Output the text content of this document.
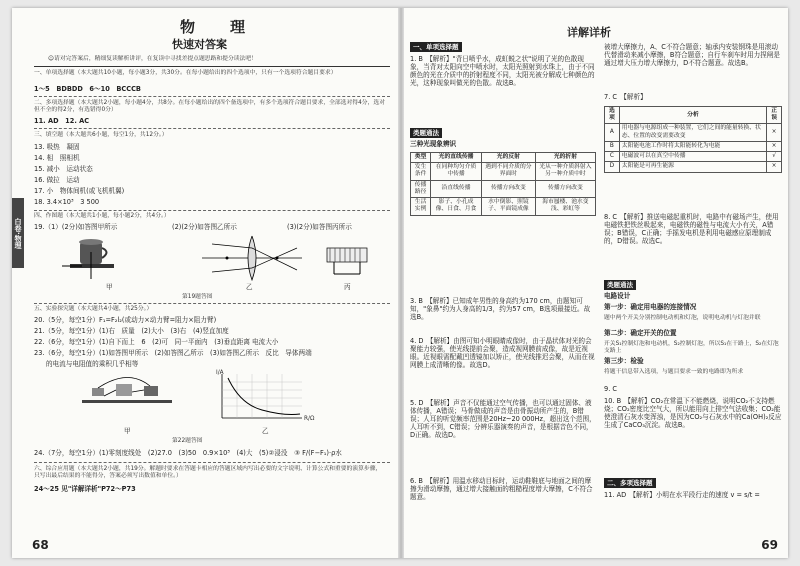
物　理
快速对答案
☺请对完答案后，精细复读解析讲评，在复读中寻找差提点题思路和提分读法吧！
一、单项选择题（本大题共10小题，每小题3分，共30分。在每小题给出的四个选项中，只有一个选项符合题目要求）
1～5　BDBDD　6～10　BCCCB
二、多项选择题（本大题共2小题，每小题4分，共8分。在每小题给出的四个备选项中，有多个选项符合题目要求，全部选对得4分，选对但不全的得2分，有选错得0分）
11. AD　12. AC
三、填空题（本大题共6小题，每空1分，共12分。）
13. 吸热　凝固
14. 相　照相机
15. 减小　运动状态
16. 做拉　运动
17. 小　物体间机(或飞机机翼)
18. 3.4×10³　3 500
四、作图题（本大题共1小题，每小题2分，共4分。）
19.（1）(2分)如答图甲所示	(2)(2分)如答图乙所示	(3)(2分)如答图丙所示
甲	乙	丙
第19题答图
五、实验探究题（本大题共4小题，共25分。）
20.（5分，每空1分）F₁=F₂l₂(或动力×动力臂=阻力×阻力臂)
21.（5分，每空1分）(1)右　质量　(2)大小　(3)右　(4)竖直加度
22.（6分，每空1分）(1)自下而上　6　(2)可　同一平面内　(3)垂直距离 电流大小
23.（6分，每空1分）(1)如答图甲所示　(2)如答图乙所示　(3)如答图乙所示　反比　导体两端
的电流与电阻值的乘积几乎相等
I/A
R/Ω
甲	乙
第22题答图
24.（7分，每空1分）(1)零刻度线处　(2)27.0　(3)50　0.9×10³　(4)大　(5)②浸没　③ F/(F−F₁)·ρ水
六、综合应用题（本大题共2小题，共19分。解题时要求在答题卡相应的答题区域内写出必要的文字说明、计算公式和重要的演算步骤，只写出最后结果的不能得分，答案必须写出数值和单位。）
24～25 见"详解详析"P72～P73
白卷·物理
68
详解详析
一、单项选择题
1. B　【解析】"背日喷乎水，成虹蜕之状"说明了光的色散现象，当背对太阳向空中喷水时，太阳光照射到水珠上，由于不同颜色的光在介质中的折射程度不同，太阳光被分解成七种颜色的光，这种现象叫做光的色散。故选B。
类题通法
三种光现象辨识
类型	光的直线传播	光的反射	光的折射
发生条件	在同种均匀介质中传播	遇到不同介质的分界面时	光从一种介质斜射入另一种介质中时
传播路径	沿直线传播	传播方向改变	传播方向改变
生活实例	影子、小孔成像、日食、月食	水中倒影、照镜子、平面镜成像	海市蜃楼、池水变浅、彩虹等
3. B　【解析】已知成年男性的身高约为170 cm，由题知可知，"象鼻"约为人身高的1/3，约为57 cm，B选项最接近。故选B。
4. D　【解析】由图可知小明眼睛成像时，由于晶状体对光的会聚能力较强，使光线提前会聚，造成视网膜前成像，故是近视眼。近视眼需配戴凹透镜加以矫正，使光线推迟会聚，从而在视网膜上成清晰的像。故选D。
5. D　【解析】声音不仅能通过空气传播，也可以通过固体、液体传播，A错误；马骨做成的声音是由骨振动所产生的，B错误；人耳的听觉频率范围是20Hz~20 000Hz，超出这个范围，人耳听不到，C错误；分辨乐器演奏的声音，是根据音色不同，D正确。故选D。
6. B　【解析】用温水移动目标时，运动鞋鞋底与地面之间的摩擦为滑动摩擦，通过增大接触面的粗糙程度增大摩擦，C不符合题意。
被增大摩擦力，A、C不符合题意；轴承内安装钢珠是用滚动代替滑动来减小摩擦，B符合题意；自行车刹车时用力捏闸是通过增大压力增大摩擦力，D不符合题意。故选B。
7. C　【解析】
选项	分析	正误
A	用电器与电源组成一种装置，它们之间的能量转换、状态、位置的改变需要改变	×
B	太阳能电池工作时将太阳能转化为电能	×
C	电磁波可以在真空中传播	√
D	太阳能是可再生能源	×
8. C　【解析】推送电磁起重机时，电路中有磁场产生，使用电磁铁把铁丝吸起来，电磁铁的磁性与电流大小有关，A错误；B错误，C正确；手摇发电机是利用电磁感应原理制成的，D错误。故选C。
类题通法
电路设计
第一步：确定用电器的连接情况
题中两个开关分别控制电动机和灯泡，说明电动机与灯泡并联
第二步：确定开关的位置
开关S₁控制灯泡和电动机，S₂控制灯泡，所以S₁在干路上，S₂在灯泡支路上
第三步：检验
将题干信息带入选项，与题目要求一致的电路即为所求
9. C
10. B　【解析】CO₂在常温下不能燃烧，说明CO₂不支持燃烧；CO₂密度比空气大，所以能用向上排空气法收集；CO₂能使澄清石灰水变浑浊，是因为CO₂与石灰水中的Ca(OH)₂反应生成了CaCO₃沉淀。故选B。
二、多项选择题
11. AD　【解析】小明在水平段行走的速度 v = s/t =
69
